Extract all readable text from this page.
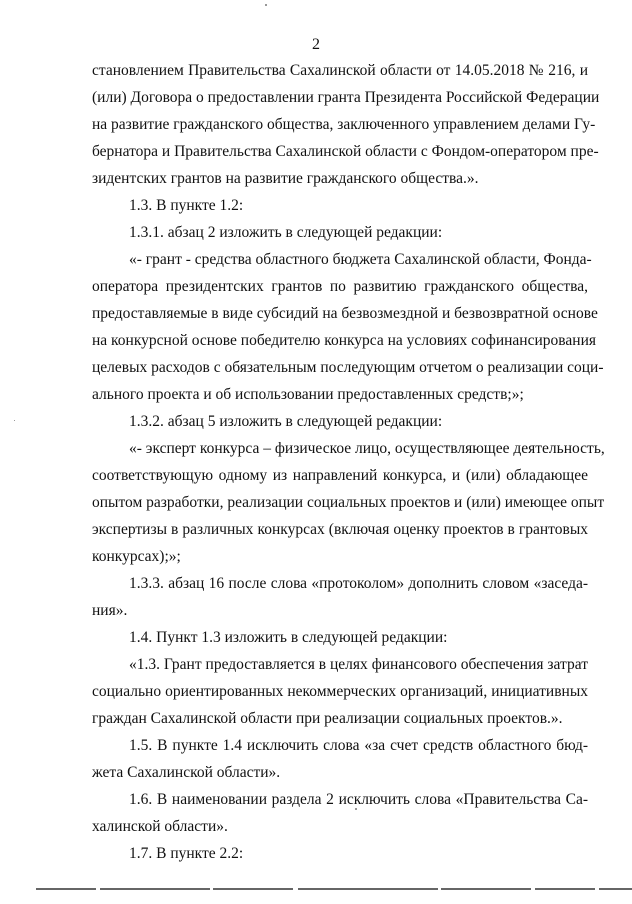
2
становлением Правительства Сахалинской области от 14.05.2018 № 216, и
(или) Договора о предоставлении гранта Президента Российской Федерации
на развитие гражданского общества, заключенного управлением делами Гу-
бернатора и Правительства Сахалинской области с Фондом-оператором пре-
зидентских грантов на развитие гражданского общества.».
1.3. В пункте 1.2:
1.3.1. абзац 2 изложить в следующей редакции:
«- грант - средства областного бюджета Сахалинской области, Фонда-
оператора президентских грантов по развитию гражданского общества,
предоставляемые в виде субсидий на безвозмездной и безвозвратной основе
на конкурсной основе победителю конкурса на условиях софинансирования
целевых расходов с обязательным последующим отчетом о реализации соци-
ального проекта и об использовании предоставленных средств;»;
1.3.2. абзац 5 изложить в следующей редакции:
«- эксперт конкурса – физическое лицо, осуществляющее деятельность,
соответствующую одному из направлений конкурса, и (или) обладающее
опытом разработки, реализации социальных проектов и (или) имеющее опыт
экспертизы в различных конкурсах (включая оценку проектов в грантовых
конкурсах);»;
1.3.3. абзац 16 после слова «протоколом» дополнить словом «заседа-
ния».
1.4. Пункт 1.3 изложить в следующей редакции:
«1.3. Грант предоставляется в целях финансового обеспечения затрат
социально ориентированных некоммерческих организаций, инициативных
граждан Сахалинской области при реализации социальных проектов.».
1.5. В пункте 1.4 исключить слова «за счет средств областного бюд-
жета Сахалинской области».
1.6. В наименовании раздела 2 исключить слова «Правительства Са-
халинской области».
1.7. В пункте 2.2:
